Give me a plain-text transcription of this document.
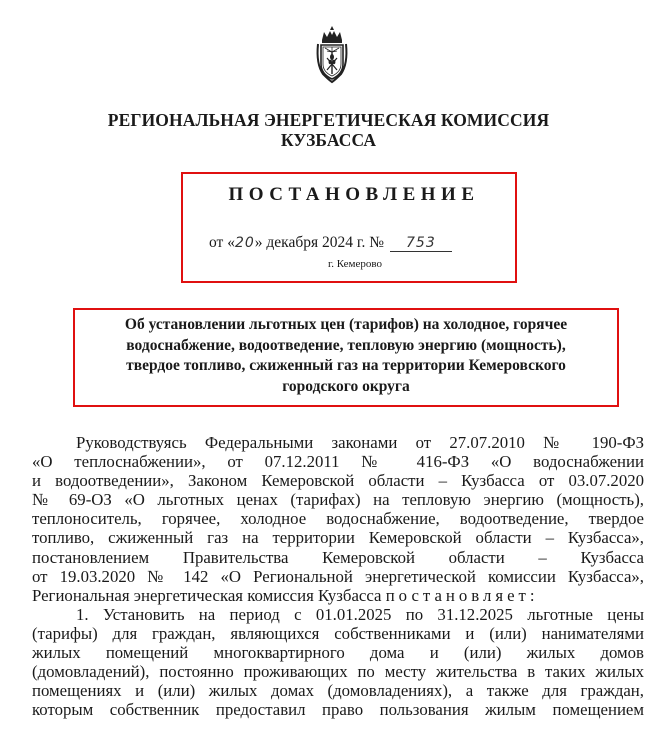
РЕГИОНАЛЬНАЯ ЭНЕРГЕТИЧЕСКАЯ КОМИССИЯ
КУЗБАССА
ПОСТАНОВЛЕНИЕ
от «20» декабря 2024 г. № 753
г. Кемерово
Об установлении льготных цен (тарифов) на холодное, горячее
водоснабжение, водоотведение, тепловую энергию (мощность),
твердое топливо, сжиженный газ на территории Кемеровского
городского округа
Руководствуясь Федеральными законами от 27.07.2010 № 190-ФЗ
«О теплоснабжении», от 07.12.2011 № 416-ФЗ «О водоснабжении
и водоотведении», Законом Кемеровской области – Кузбасса от 03.07.2020
№ 69-ОЗ «О льготных ценах (тарифах) на тепловую энергию (мощность),
теплоноситель, горячее, холодное водоснабжение, водоотведение, твердое
топливо, сжиженный газ на территории Кемеровской области – Кузбасса»,
постановлением Правительства Кемеровской области – Кузбасса
от 19.03.2020 № 142 «О Региональной энергетической комиссии Кузбасса»,
Региональная энергетическая комиссия Кузбасса постановляет:
1. Установить на период с 01.01.2025 по 31.12.2025 льготные цены
(тарифы) для граждан, являющихся собственниками и (или) нанимателями
жилых помещений многоквартирного дома и (или) жилых домов
(домовладений), постоянно проживающих по месту жительства в таких жилых
помещениях и (или) жилых домах (домовладениях), а также для граждан,
которым собственник предоставил право пользования жилым помещением
